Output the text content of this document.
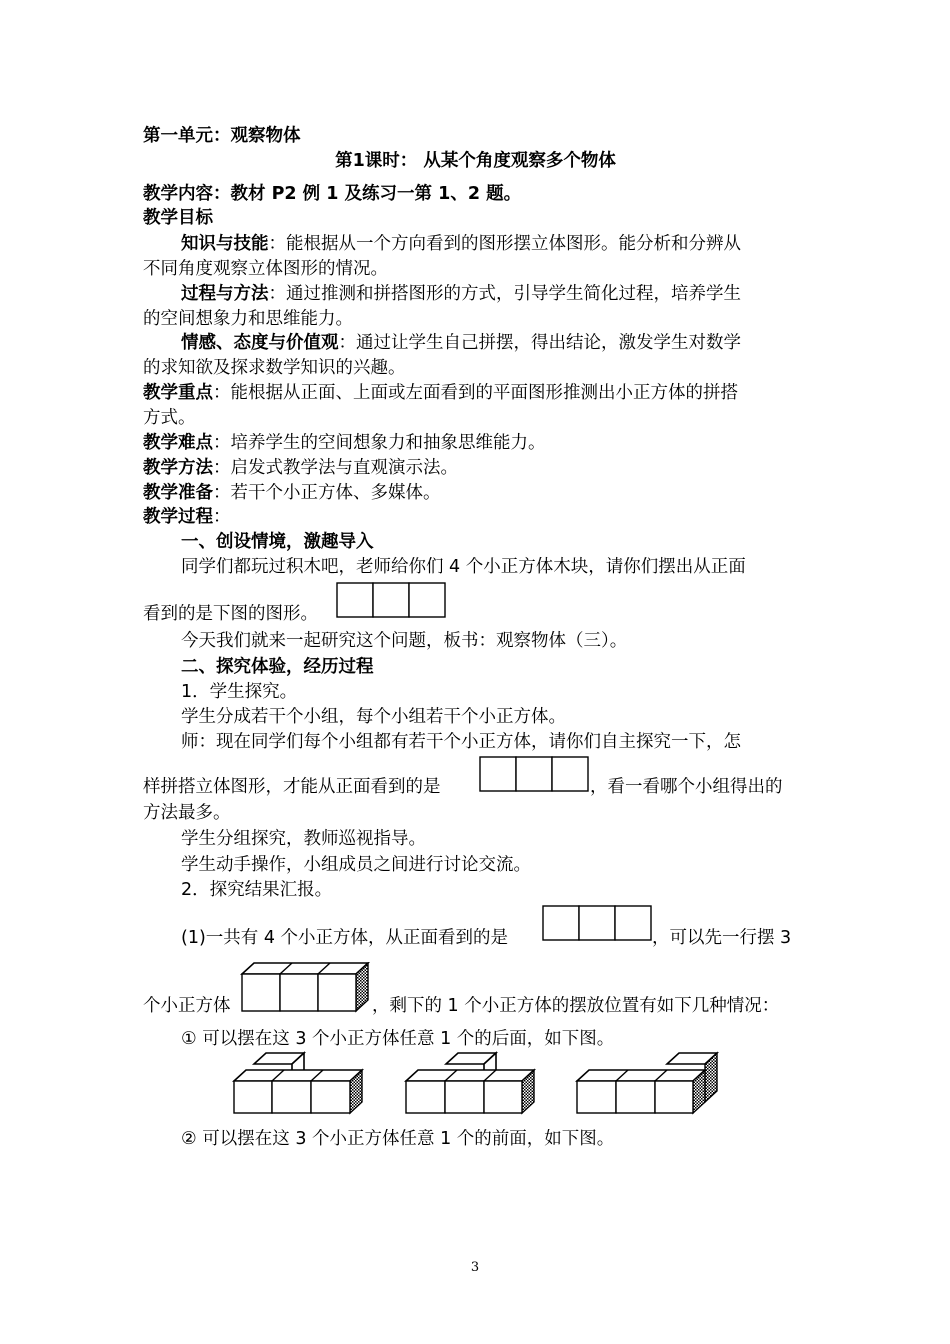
第一单元：观察物体
第1课时： 从某个角度观察多个物体
教学内容：教材 P2 例 1 及练习一第 1、2 题。
教学目标
知识与技能：能根据从一个方向看到的图形摆立体图形。能分析和分辨从
不同角度观察立体图形的情况。
过程与方法：通过推测和拼搭图形的方式，引导学生简化过程，培养学生
的空间想象力和思维能力。
情感、态度与价值观：通过让学生自己拼摆，得出结论，激发学生对数学
的求知欲及探求数学知识的兴趣。
教学重点：能根据从正面、上面或左面看到的平面图形推测出小正方体的拼搭
方式。
教学难点：培养学生的空间想象力和抽象思维能力。
教学方法：启发式教学法与直观演示法。
教学准备：若干个小正方体、多媒体。
教学过程：
一、创设情境，激趣导入
同学们都玩过积木吧，老师给你们 4 个小正方体木块，请你们摆出从正面
看到的是下图的图形。
今天我们就来一起研究这个问题，板书：观察物体（三）。
二、探究体验，经历过程
1．学生探究。
学生分成若干个小组，每个小组若干个小正方体。
师：现在同学们每个小组都有若干个小正方体，请你们自主探究一下，怎
样拼搭立体图形，才能从正面看到的是	，看一看哪个小组得出的
方法最多。
学生分组探究，教师巡视指导。
学生动手操作，小组成员之间进行讨论交流。
2．探究结果汇报。
(1)一共有 4 个小正方体，从正面看到的是	，可以先一行摆 3
个小正方体	，剩下的 1 个小正方体的摆放位置有如下几种情况：
① 可以摆在这 3 个小正方体任意 1 个的后面，如下图。
② 可以摆在这 3 个小正方体任意 1 个的前面，如下图。
3
